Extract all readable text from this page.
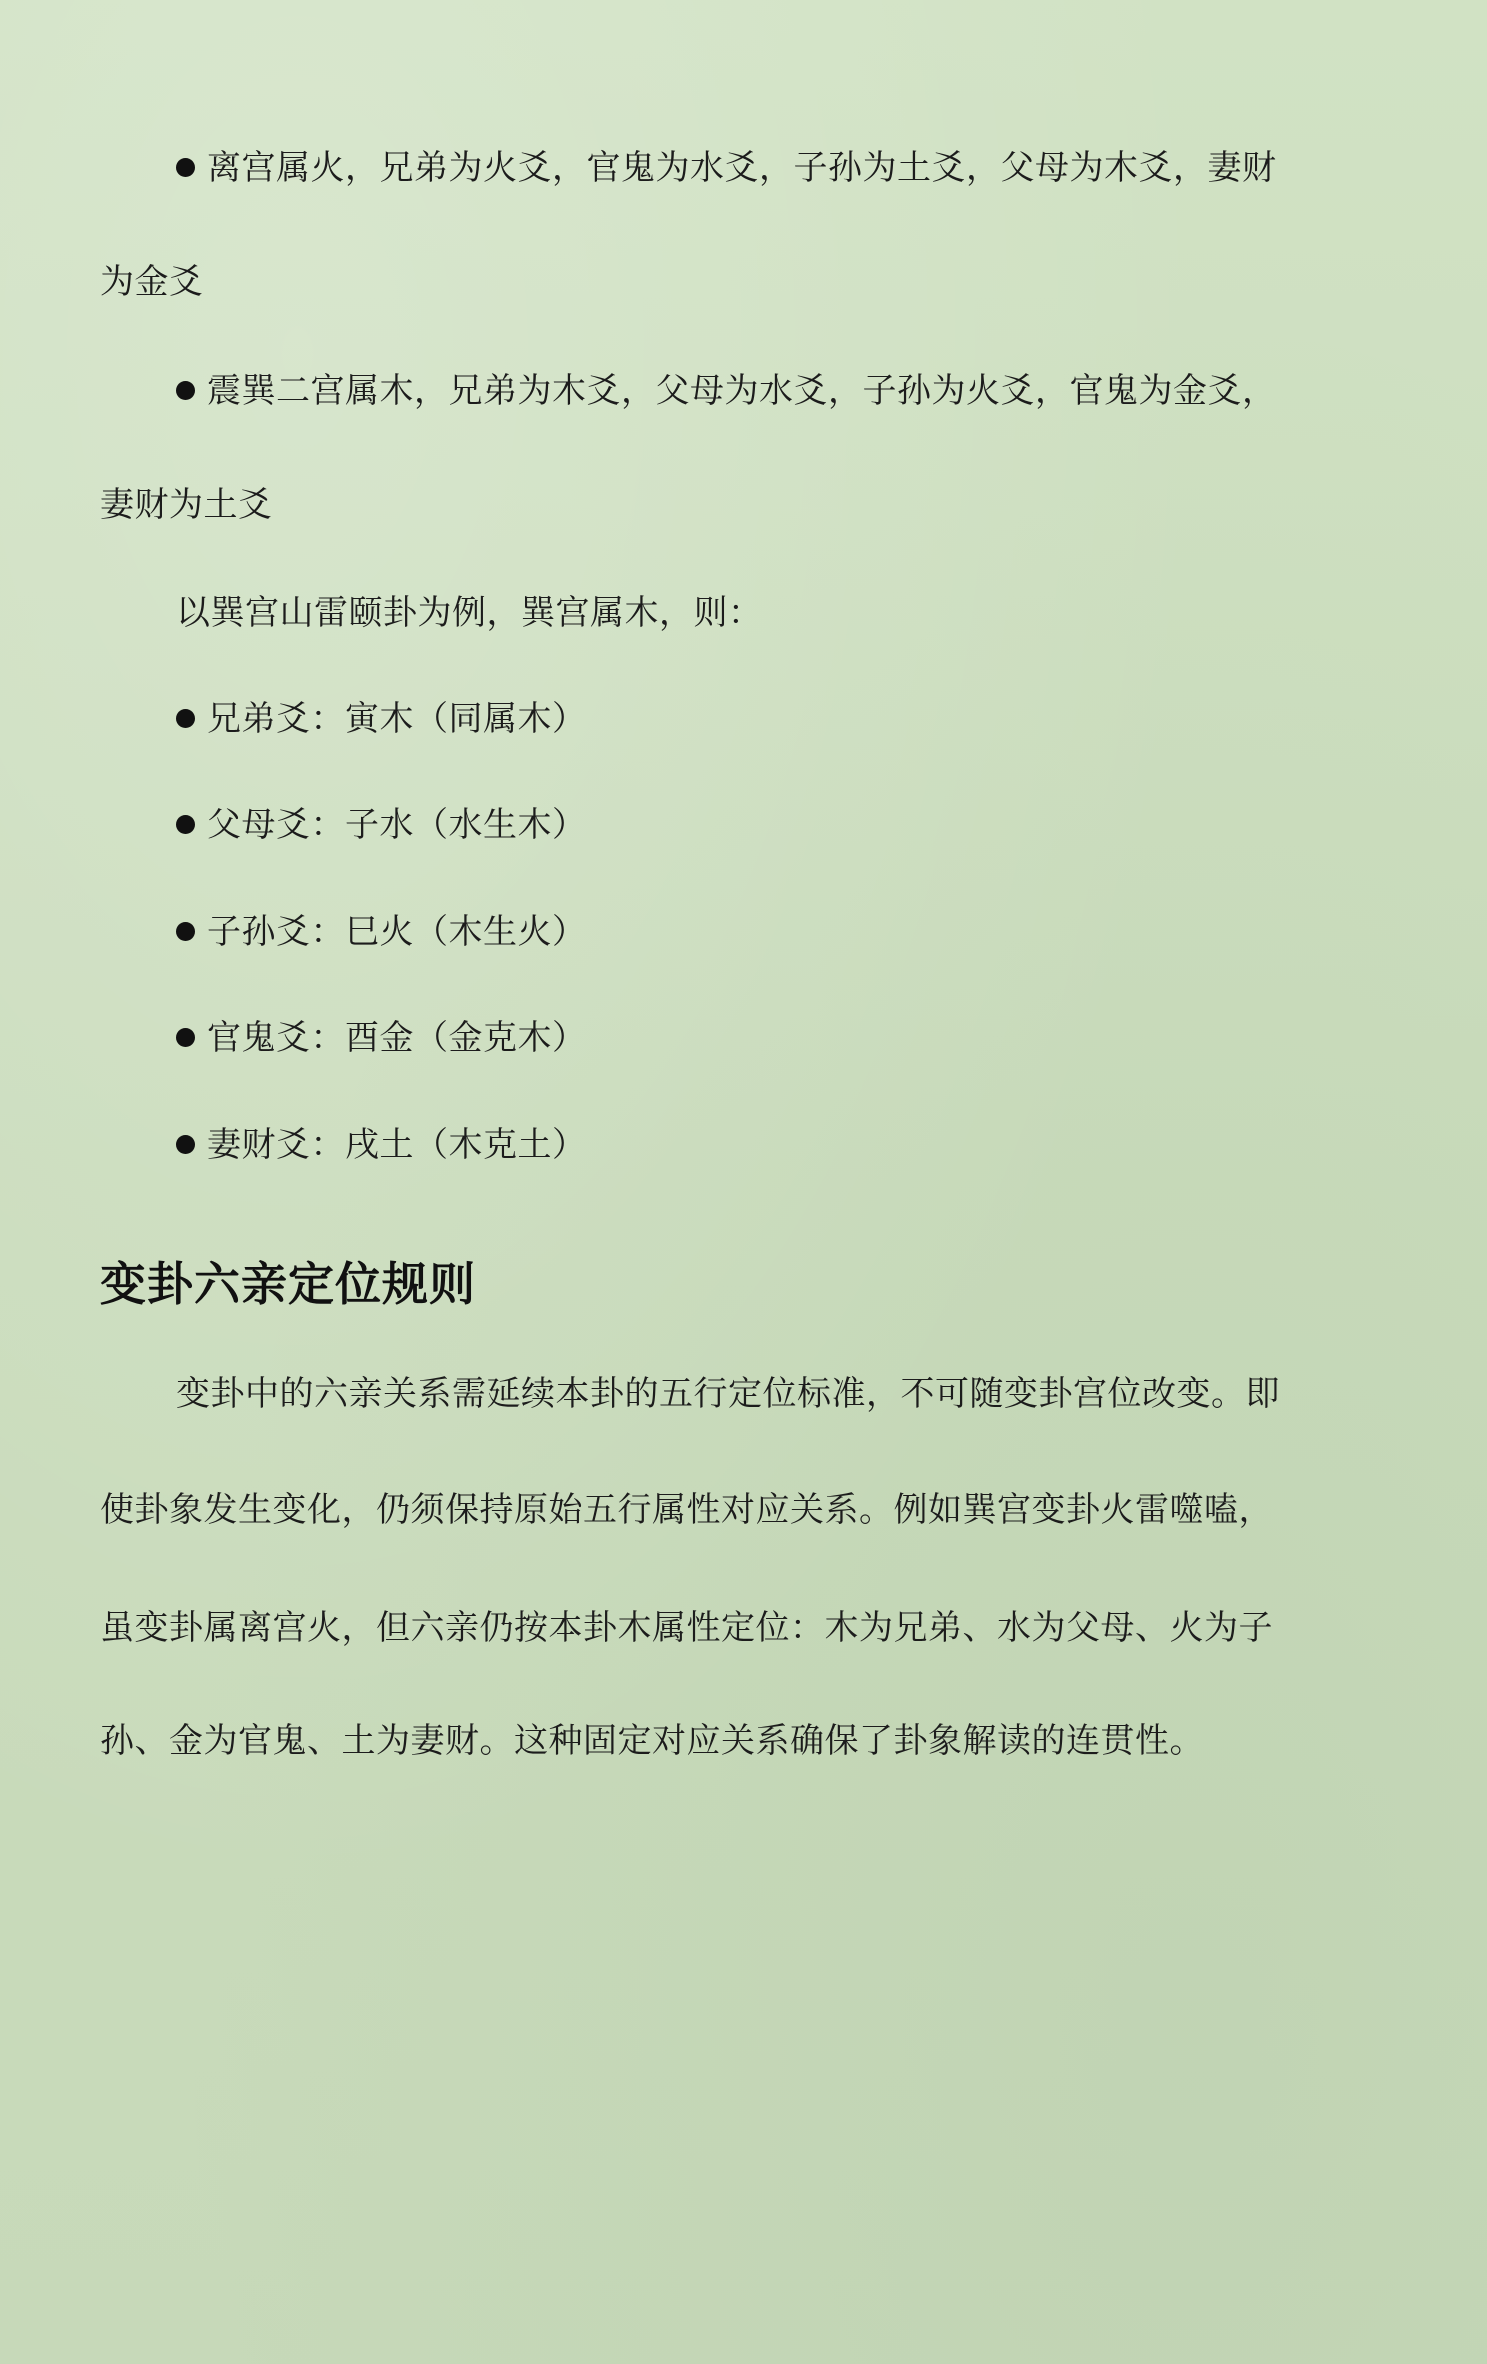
离宫属火，兄弟为火爻，官鬼为水爻，子孙为土爻，父母为木爻，妻财
为金爻
震巽二宫属木，兄弟为木爻，父母为水爻，子孙为火爻，官鬼为金爻，
妻财为土爻
以巽宫山雷颐卦为例，巽宫属木，则：
兄弟爻：寅木（同属木）
父母爻：子水（水生木）
子孙爻：巳火（木生火）
官鬼爻：酉金（金克木）
妻财爻：戌土（木克土）
变卦六亲定位规则
变卦中的六亲关系需延续本卦的五行定位标准，不可随变卦宫位改变。即
使卦象发生变化，仍须保持原始五行属性对应关系。例如巽宫变卦火雷噬嗑，
虽变卦属离宫火，但六亲仍按本卦木属性定位：木为兄弟、水为父母、火为子
孙、金为官鬼、土为妻财。这种固定对应关系确保了卦象解读的连贯性。
